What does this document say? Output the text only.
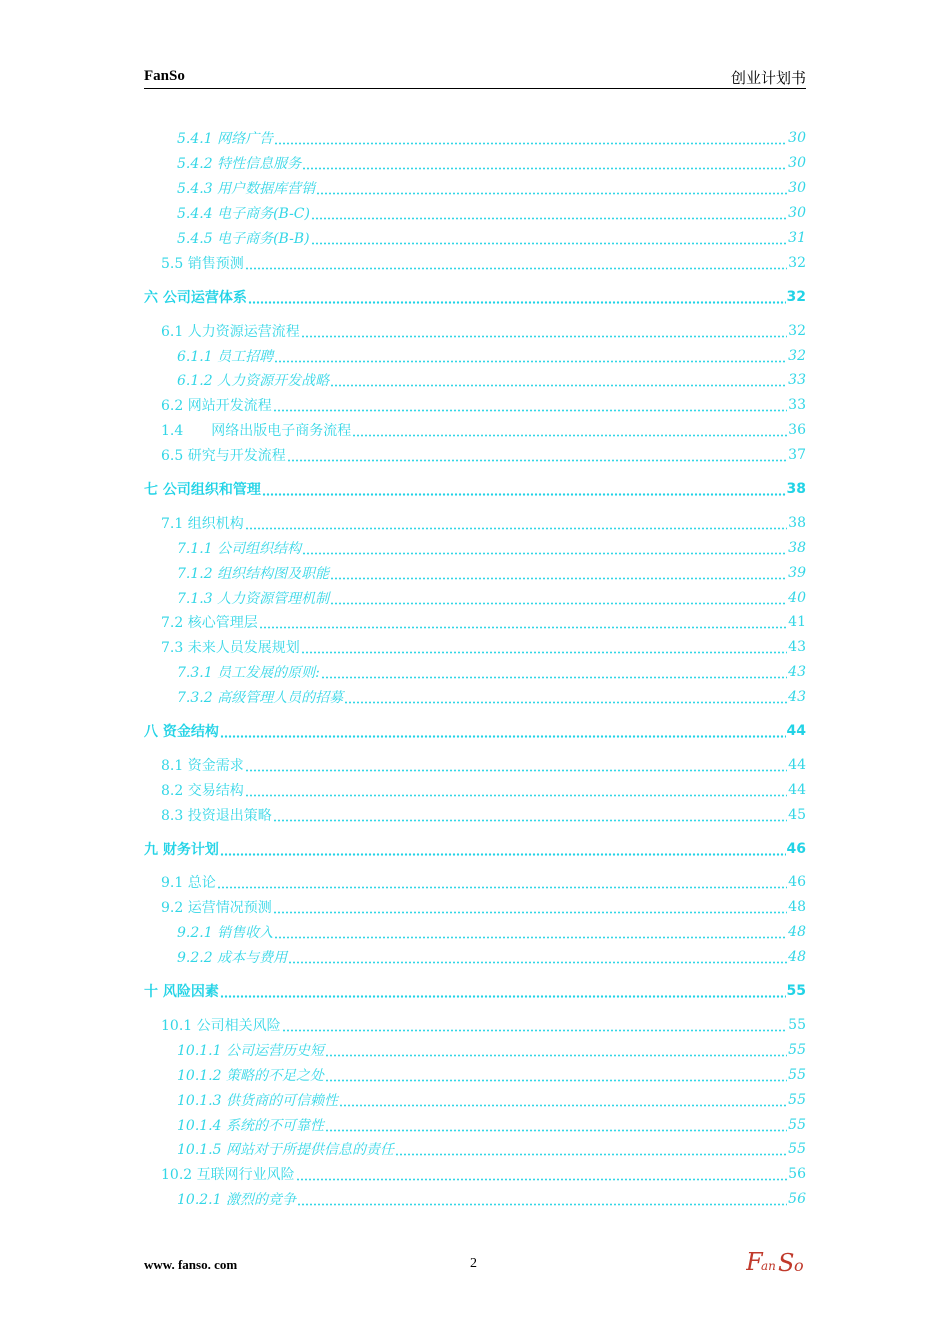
FanSo	创业计划书
5.4.1 网络广告	30
5.4.2 特性信息服务	30
5.4.3 用户数据库营销	30
5.4.4 电子商务(B-C)	30
5.4.5 电子商务(B-B)	31
5.5 销售预测	32
六 公司运营体系	32
6.1 人力资源运营流程	32
6.1.1 员工招聘	32
6.1.2 人力资源开发战略	33
6.2 网站开发流程	33
1.4　　网络出版电子商务流程	36
6.5 研究与开发流程	37
七 公司组织和管理	38
7.1 组织机构	38
7.1.1 公司组织结构	38
7.1.2 组织结构图及职能	39
7.1.3 人力资源管理机制	40
7.2 核心管理层	41
7.3 未来人员发展规划	43
7.3.1 员工发展的原则:	43
7.3.2 高级管理人员的招募	43
八 资金结构	44
8.1 资金需求	44
8.2 交易结构	44
8.3 投资退出策略	45
九 财务计划	46
9.1 总论	46
9.2 运营情况预测	48
9.2.1 销售收入	48
9.2.2 成本与费用	48
十 风险因素	55
10.1 公司相关风险	55
10.1.1 公司运营历史短	55
10.1.2 策略的不足之处	55
10.1.3 供货商的可信赖性	55
10.1.4 系统的不可靠性	55
10.1.5 网站对于所提供信息的责任	55
10.2 互联网行业风险	56
10.2.1 激烈的竞争	56
www. fanso. com	2	F
an S o
